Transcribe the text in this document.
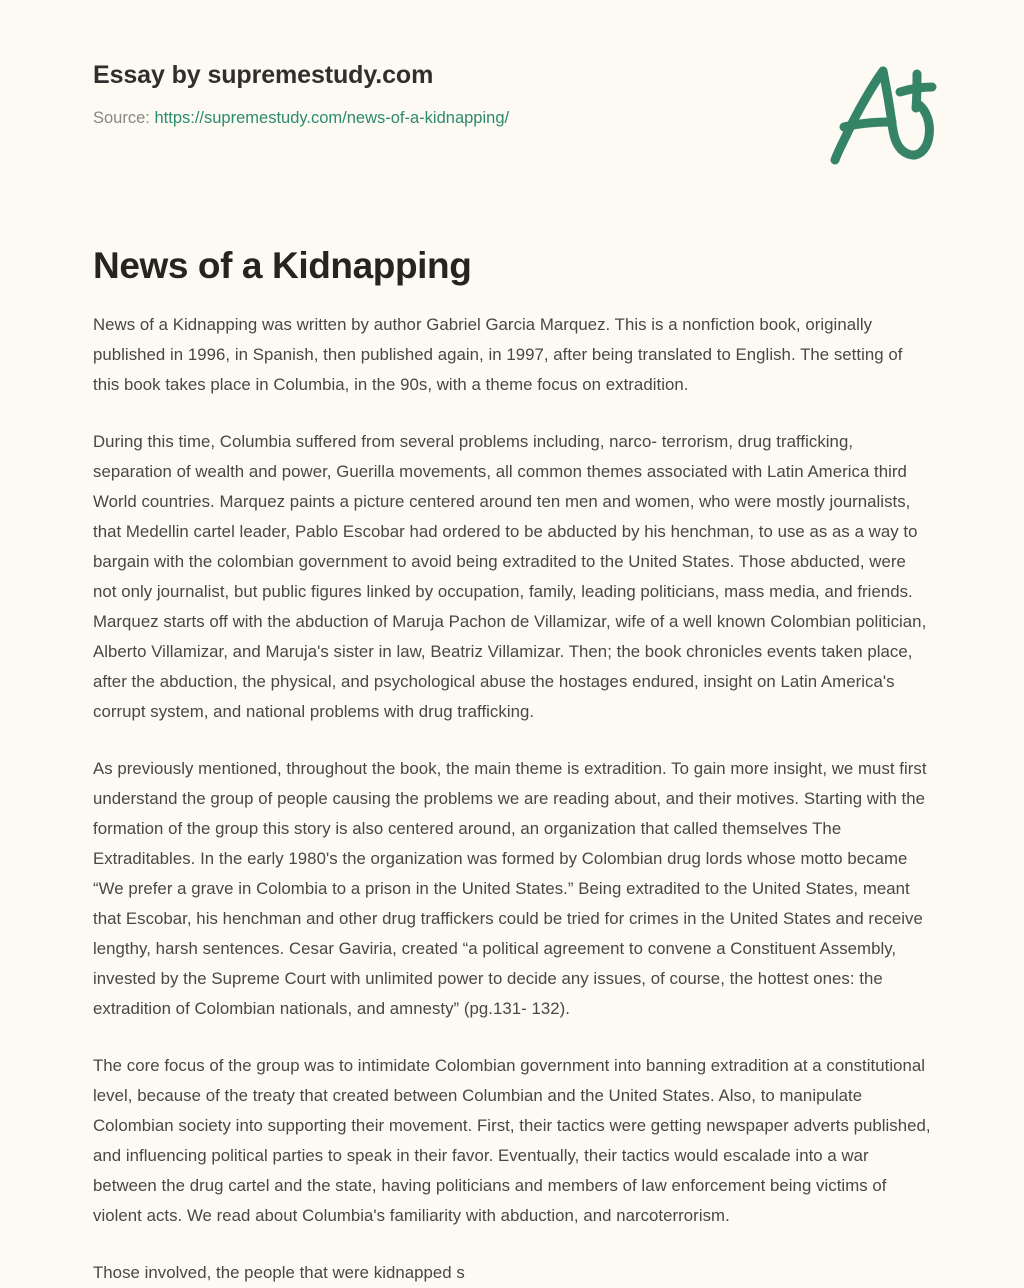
Essay by supremestudy.com
Source: https://supremestudy.com/news-of-a-kidnapping/
News of a Kidnapping

News of a Kidnapping was written by author Gabriel Garcia Marquez. This is a nonfiction book, originally published in 1996, in Spanish, then published again, in 1997, after being translated to English. The setting of this book takes place in Columbia, in the 90s, with a theme focus on extradition.

During this time, Columbia suffered from several problems including, narco- terrorism, drug trafficking, separation of wealth and power, Guerilla movements, all common themes associated with Latin America third World countries. Marquez paints a picture centered around ten men and women, who were mostly journalists, that Medellin cartel leader, Pablo Escobar had ordered to be abducted by his henchman, to use as as a way to bargain with the colombian government to avoid being extradited to the United States. Those abducted, were not only journalist, but public figures linked by occupation, family, leading politicians, mass media, and friends. Marquez starts off with the abduction of Maruja Pachon de Villamizar, wife of a well known Colombian politician, Alberto Villamizar, and Maruja's sister in law, Beatriz Villamizar. Then; the book chronicles events taken place, after the abduction, the physical, and psychological abuse the hostages endured, insight on Latin America's corrupt system, and national problems with drug trafficking.

As previously mentioned, throughout the book, the main theme is extradition. To gain more insight, we must first understand the group of people causing the problems we are reading about, and their motives. Starting with the formation of the group this story is also centered around, an organization that called themselves The Extraditables. In the early 1980's the organization was formed by Colombian drug lords whose motto became “We prefer a grave in Colombia to a prison in the United States.” Being extradited to the United States, meant that Escobar, his henchman and other drug traffickers could be tried for crimes in the United States and receive lengthy, harsh sentences. Cesar Gaviria, created “a political agreement to convene a Constituent Assembly, invested by the Supreme Court with unlimited power to decide any issues, of course, the hottest ones: the extradition of Colombian nationals, and amnesty” (pg.131- 132).

The core focus of the group was to intimidate Colombian government into banning extradition at a constitutional level, because of the treaty that created between Columbian and the United States. Also, to manipulate Colombian society into supporting their movement. First, their tactics were getting newspaper adverts published, and influencing political parties to speak in their favor. Eventually, their tactics would escalade into a war between the drug cartel and the state, having politicians and members of law enforcement being victims of violent acts. We read about Columbia's familiarity with abduction, and narcoterrorism.

Those involved, the people that were kidnapped s
